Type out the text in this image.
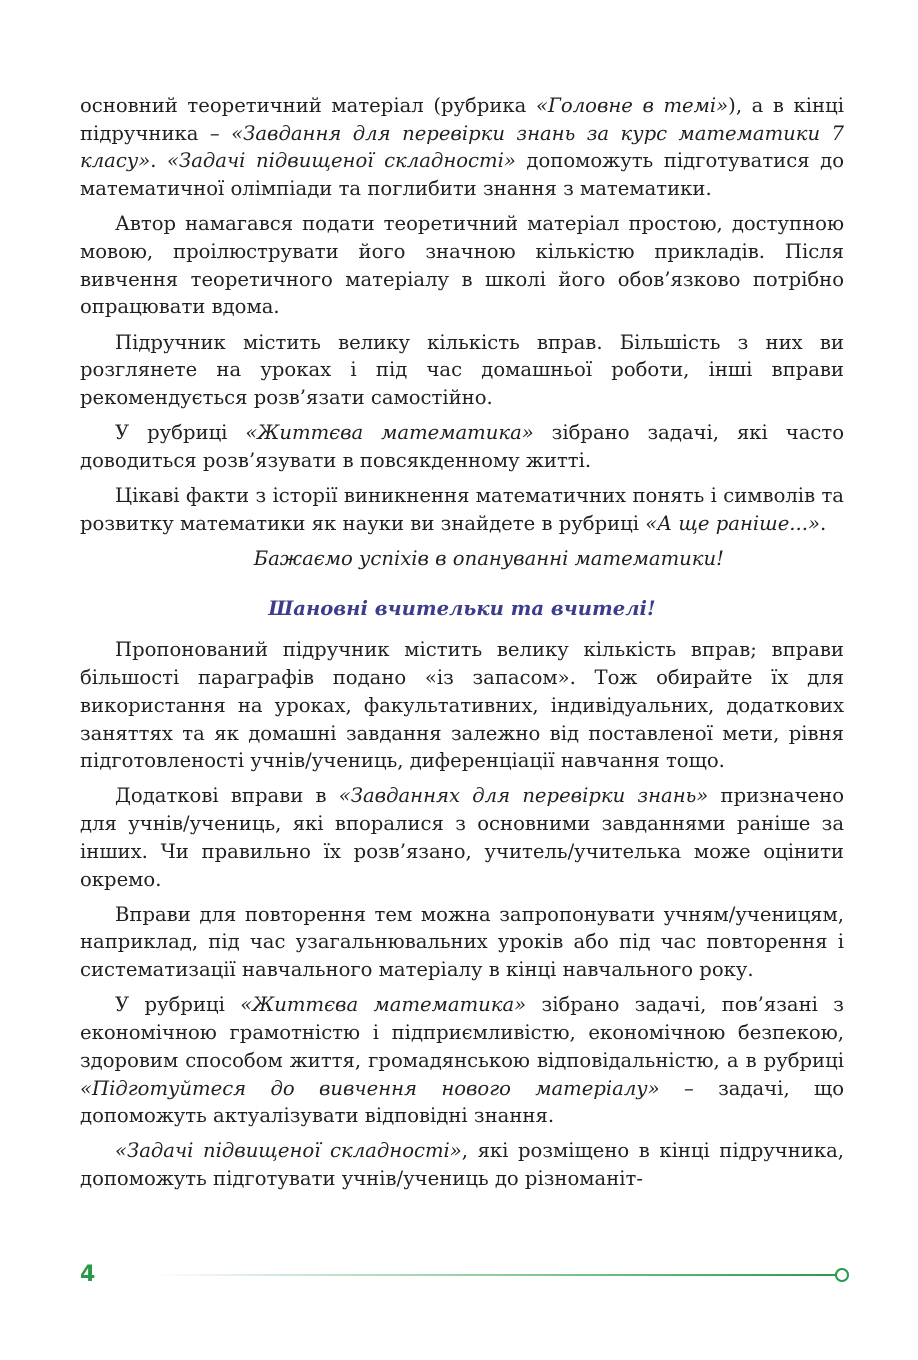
основний теоретичний матеріал (рубрика «Головне в темі»), а в кінці підручника – «Завдання для перевірки знань за курс математики 7 класу». «Задачі підвищеної складності» допоможуть підготуватися до математичної олімпіади та поглибити знання з математики.

Автор намагався подати теоретичний матеріал простою, доступною мовою, проілюструвати його значною кількістю прикладів. Після вивчення теоретичного матеріалу в школі його обов’язково потрібно опрацювати вдома.

Підручник містить велику кількість вправ. Більшість з них ви розглянете на уроках і під час домашньої роботи, інші вправи рекомендується розв’язати самостійно.

У рубриці «Життєва математика» зібрано задачі, які часто доводиться розв’язувати в повсякденному житті.

Цікаві факти з історії виникнення математичних понять і символів та розвитку математики як науки ви знайдете в рубриці «А ще раніше...».

Бажаємо успіхів в опануванні математики!

Шановні вчительки та вчителі!

Пропонований підручник містить велику кількість вправ; вправи більшості параграфів подано «із запасом». Тож обирайте їх для використання на уроках, факультативних, індивідуальних, додаткових заняттях та як домашні завдання залежно від поставленої мети, рівня підготовленості учнів/учениць, диференціації навчання тощо.

Додаткові вправи в «Завданнях для перевірки знань» призначено для учнів/учениць, які впоралися з основними завданнями раніше за інших. Чи правильно їх розв’язано, учитель/учителька може оцінити окремо.

Вправи для повторення тем можна запропонувати учням/ученицям, наприклад, під час узагальнювальних уроків або під час повторення і систематизації навчального матеріалу в кінці навчального року.

У рубриці «Життєва математика» зібрано задачі, пов’язані з економічною грамотністю і підприємливістю, економічною безпекою, здоровим способом життя, громадянською відповідальністю, а в рубриці «Підготуйтеся до вивчення нового матеріалу» – задачі, що допоможуть актуалізувати відповідні знання.

«Задачі підвищеної складності», які розміщено в кінці підручника, допоможуть підготувати учнів/учениць до різноманіт-

4
